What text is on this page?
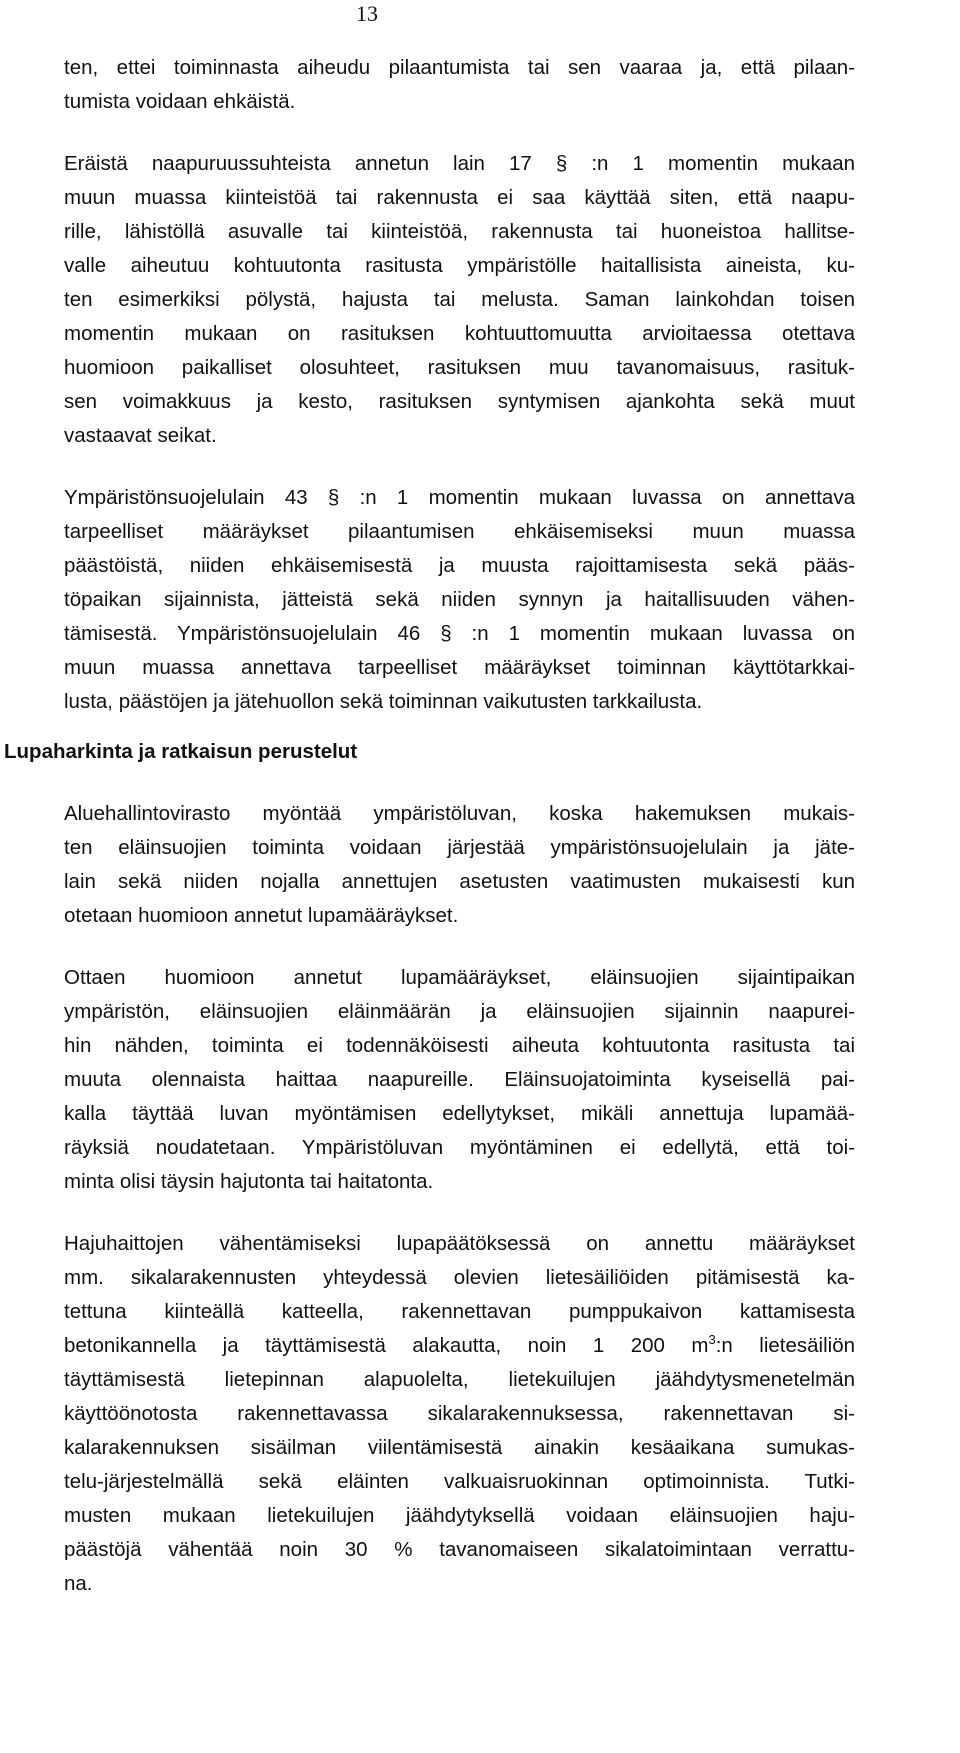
13
ten, ettei toiminnasta aiheudu pilaantumista tai sen vaaraa ja, että pilaan-
tumista voidaan ehkäistä.
Eräistä naapuruussuhteista annetun lain 17 § :n 1 momentin mukaan
muun muassa kiinteistöä tai rakennusta ei saa käyttää siten, että naapu-
rille, lähistöllä asuvalle tai kiinteistöä, rakennusta tai huoneistoa hallitse-
valle aiheutuu kohtuutonta rasitusta ympäristölle haitallisista aineista, ku-
ten esimerkiksi pölystä, hajusta tai melusta. Saman lainkohdan toisen
momentin mukaan on rasituksen kohtuuttomuutta arvioitaessa otettava
huomioon paikalliset olosuhteet, rasituksen muu tavanomaisuus, rasituk-
sen voimakkuus ja kesto, rasituksen syntymisen ajankohta sekä muut
vastaavat seikat.
Ympäristönsuojelulain 43 § :n 1 momentin mukaan luvassa on annettava
tarpeelliset määräykset pilaantumisen ehkäisemiseksi muun muassa
päästöistä, niiden ehkäisemisestä ja muusta rajoittamisesta sekä pääs-
töpaikan sijainnista, jätteistä sekä niiden synnyn ja haitallisuuden vähen-
tämisestä. Ympäristönsuojelulain 46 § :n 1 momentin mukaan luvassa on
muun muassa annettava tarpeelliset määräykset toiminnan käyttötarkkai-
lusta, päästöjen ja jätehuollon sekä toiminnan vaikutusten tarkkailusta.
Lupaharkinta ja ratkaisun perustelut
Aluehallintovirasto myöntää ympäristöluvan, koska hakemuksen mukais-
ten eläinsuojien toiminta voidaan järjestää ympäristönsuojelulain ja jäte-
lain sekä niiden nojalla annettujen asetusten vaatimusten mukaisesti kun
otetaan huomioon annetut lupamääräykset.
Ottaen huomioon annetut lupamääräykset, eläinsuojien sijaintipaikan
ympäristön, eläinsuojien eläinmäärän ja eläinsuojien sijainnin naapurei-
hin nähden, toiminta ei todennäköisesti aiheuta kohtuutonta rasitusta tai
muuta olennaista haittaa naapureille. Eläinsuojatoiminta kyseisellä pai-
kalla täyttää luvan myöntämisen edellytykset, mikäli annettuja lupamää-
räyksiä noudatetaan. Ympäristöluvan myöntäminen ei edellytä, että toi-
minta olisi täysin hajutonta tai haitatonta.
Hajuhaittojen vähentämiseksi lupapäätöksessä on annettu määräykset
mm. sikalarakennusten yhteydessä olevien lietesäiliöiden pitämisestä ka-
tettuna kiinteällä katteella, rakennettavan pumppukaivon kattamisesta
betonikannella ja täyttämisestä alakautta, noin 1 200 $m^3:n$ lietesäiliön
täyttämisestä lietepinnan alapuolelta, lietekuilujen jäähdytysmenetelmän
käyttöönotosta rakennettavassa sikalarakennuksessa, rakennettavan si-
kalarakennuksen sisäilman viilentämisestä ainakin kesäaikana sumukas-
telu-järjestelmällä sekä eläinten valkuaisruokinnan optimoinnista. Tutki-
musten mukaan lietekuilujen jäähdytyksellä voidaan eläinsuojien haju-
päästöjä vähentää noin 30 % tavanomaiseen sikalatoimintaan verrattu-
na.
